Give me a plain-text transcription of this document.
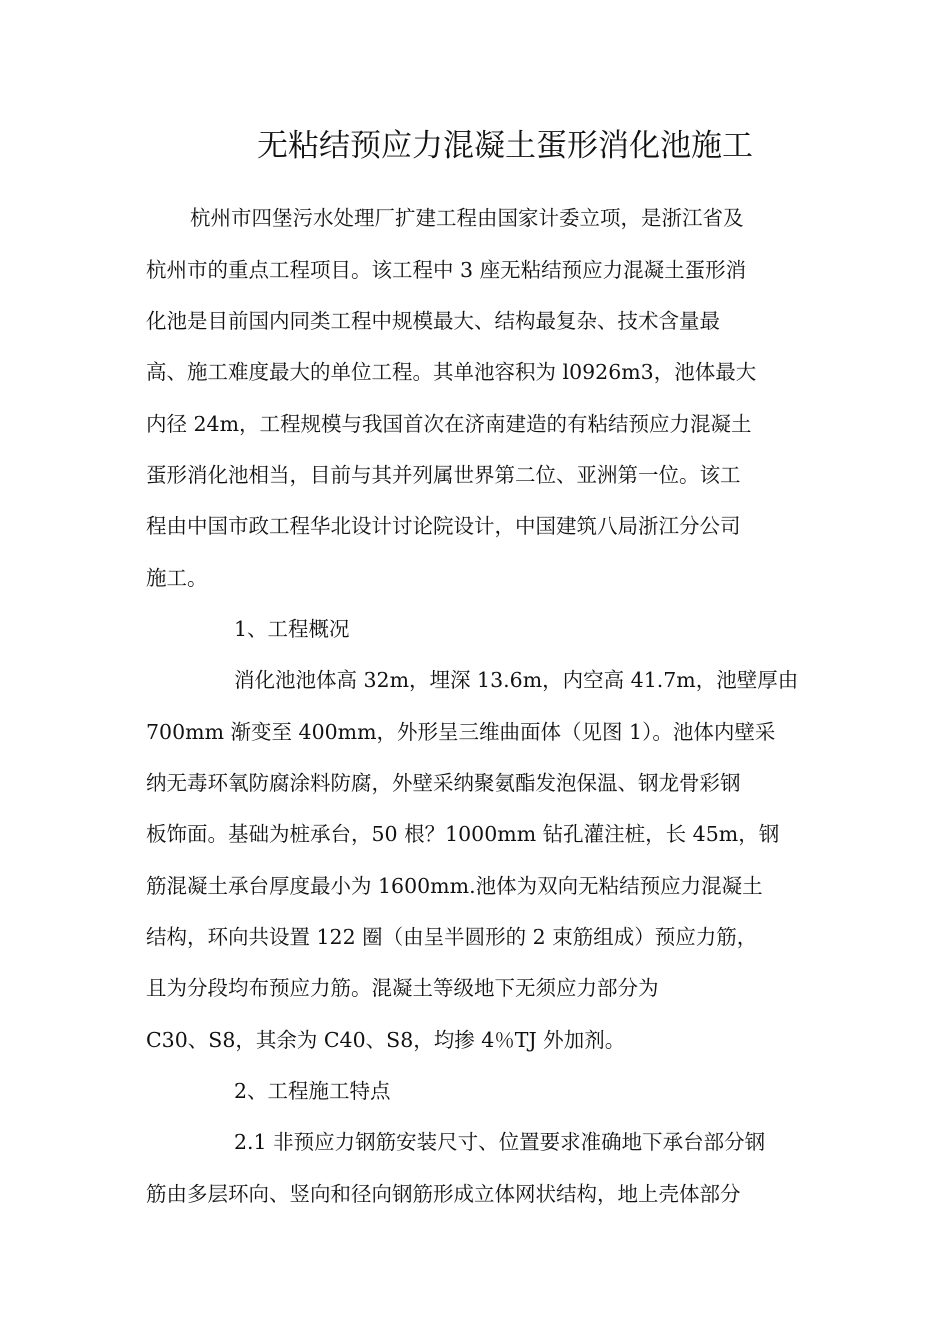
无粘结预应力混凝土蛋形消化池施工
杭州市四堡污水处理厂扩建工程由国家计委立项，是浙江省及
杭州市的重点工程项目。该工程中 3 座无粘结预应力混凝土蛋形消
化池是目前国内同类工程中规模最大、结构最复杂、技术含量最
高、施工难度最大的单位工程。其单池容积为 l0926m3，池体最大
内径 24m，工程规模与我国首次在济南建造的有粘结预应力混凝土
蛋形消化池相当，目前与其并列属世界第二位、亚洲第一位。该工
程由中国市政工程华北设计讨论院设计，中国建筑八局浙江分公司
施工。
1、工程概况
消化池池体高 32m，埋深 13.6m，内空高 41.7m，池壁厚由
700mm 渐变至 400mm，外形呈三维曲面体（见图 1）。池体内壁采
纳无毒环氧防腐涂料防腐，外壁采纳聚氨酯发泡保温、钢龙骨彩钢
板饰面。基础为桩承台，50 根？1000mm 钻孔灌注桩，长 45m，钢
筋混凝土承台厚度最小为 1600mm.池体为双向无粘结预应力混凝土
结构，环向共设置 122 圈（由呈半圆形的 2 束筋组成）预应力筋，
且为分段均布预应力筋。混凝土等级地下无须应力部分为
C30、S8，其余为 C40、S8，均掺 4％TJ 外加剂。
2、工程施工特点
2.1 非预应力钢筋安装尺寸、位置要求准确地下承台部分钢
筋由多层环向、竖向和径向钢筋形成立体网状结构，地上壳体部分
